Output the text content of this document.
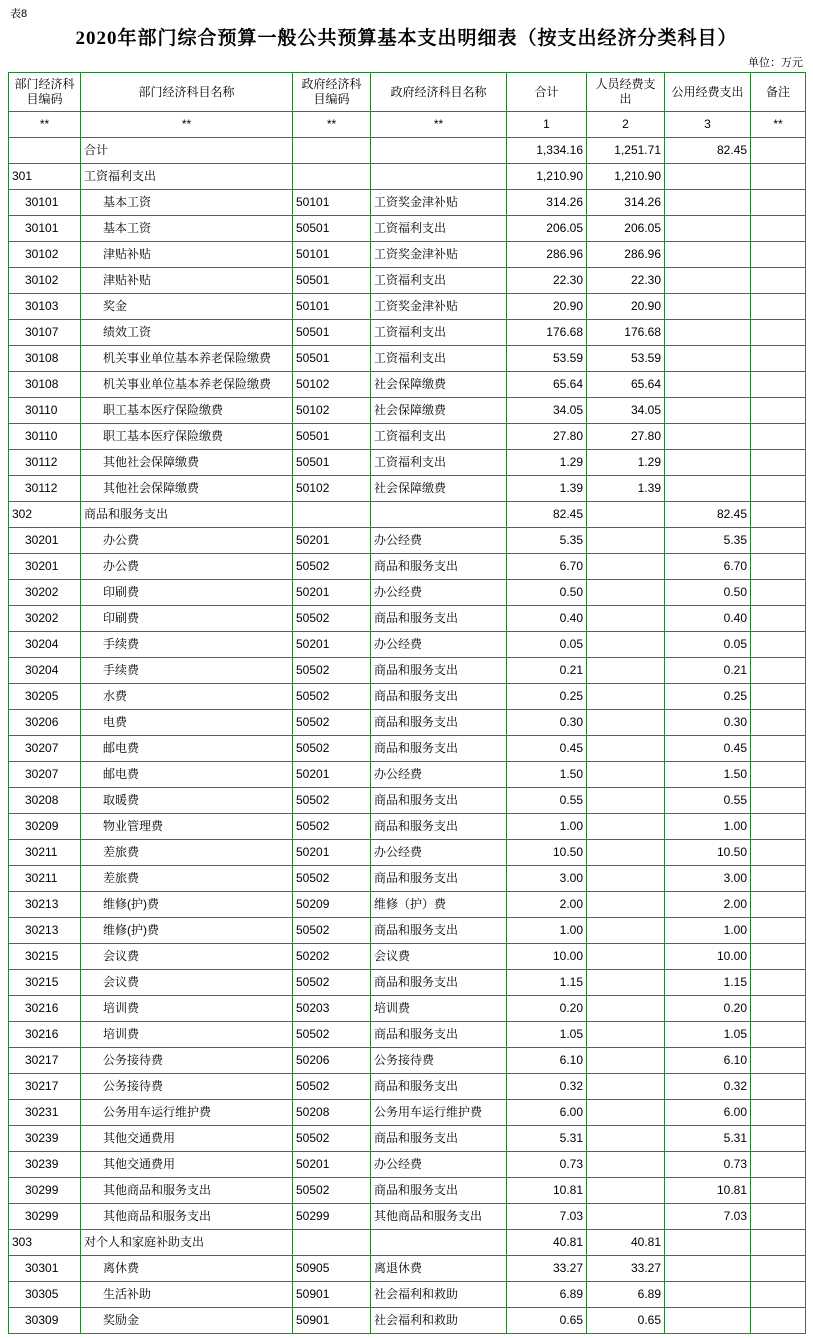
表8
2020年部门综合预算一般公共预算基本支出明细表（按支出经济分类科目）
单位：万元
部门经济科目编码	部门经济科目名称	政府经济科目编码	政府经济科目名称	合计	人员经费支出	公用经费支出	备注
**	**	**	**	1	2	3	**
	合计			1,334.16	1,251.71	82.45	
301	工资福利支出			1,210.90	1,210.90		
30101	基本工资	50101	工资奖金津补贴	314.26	314.26		
30101	基本工资	50501	工资福利支出	206.05	206.05		
30102	津贴补贴	50101	工资奖金津补贴	286.96	286.96		
30102	津贴补贴	50501	工资福利支出	22.30	22.30		
30103	奖金	50101	工资奖金津补贴	20.90	20.90		
30107	绩效工资	50501	工资福利支出	176.68	176.68		
30108	机关事业单位基本养老保险缴费	50501	工资福利支出	53.59	53.59		
30108	机关事业单位基本养老保险缴费	50102	社会保障缴费	65.64	65.64		
30110	职工基本医疗保险缴费	50102	社会保障缴费	34.05	34.05		
30110	职工基本医疗保险缴费	50501	工资福利支出	27.80	27.80		
30112	其他社会保障缴费	50501	工资福利支出	1.29	1.29		
30112	其他社会保障缴费	50102	社会保障缴费	1.39	1.39		
302	商品和服务支出			82.45		82.45	
30201	办公费	50201	办公经费	5.35		5.35	
30201	办公费	50502	商品和服务支出	6.70		6.70	
30202	印刷费	50201	办公经费	0.50		0.50	
30202	印刷费	50502	商品和服务支出	0.40		0.40	
30204	手续费	50201	办公经费	0.05		0.05	
30204	手续费	50502	商品和服务支出	0.21		0.21	
30205	水费	50502	商品和服务支出	0.25		0.25	
30206	电费	50502	商品和服务支出	0.30		0.30	
30207	邮电费	50502	商品和服务支出	0.45		0.45	
30207	邮电费	50201	办公经费	1.50		1.50	
30208	取暖费	50502	商品和服务支出	0.55		0.55	
30209	物业管理费	50502	商品和服务支出	1.00		1.00	
30211	差旅费	50201	办公经费	10.50		10.50	
30211	差旅费	50502	商品和服务支出	3.00		3.00	
30213	维修(护)费	50209	维修（护）费	2.00		2.00	
30213	维修(护)费	50502	商品和服务支出	1.00		1.00	
30215	会议费	50202	会议费	10.00		10.00	
30215	会议费	50502	商品和服务支出	1.15		1.15	
30216	培训费	50203	培训费	0.20		0.20	
30216	培训费	50502	商品和服务支出	1.05		1.05	
30217	公务接待费	50206	公务接待费	6.10		6.10	
30217	公务接待费	50502	商品和服务支出	0.32		0.32	
30231	公务用车运行维护费	50208	公务用车运行维护费	6.00		6.00	
30239	其他交通费用	50502	商品和服务支出	5.31		5.31	
30239	其他交通费用	50201	办公经费	0.73		0.73	
30299	其他商品和服务支出	50502	商品和服务支出	10.81		10.81	
30299	其他商品和服务支出	50299	其他商品和服务支出	7.03		7.03	
303	对个人和家庭补助支出			40.81	40.81		
30301	离休费	50905	离退休费	33.27	33.27		
30305	生活补助	50901	社会福利和救助	6.89	6.89		
30309	奖励金	50901	社会福利和救助	0.65	0.65		
